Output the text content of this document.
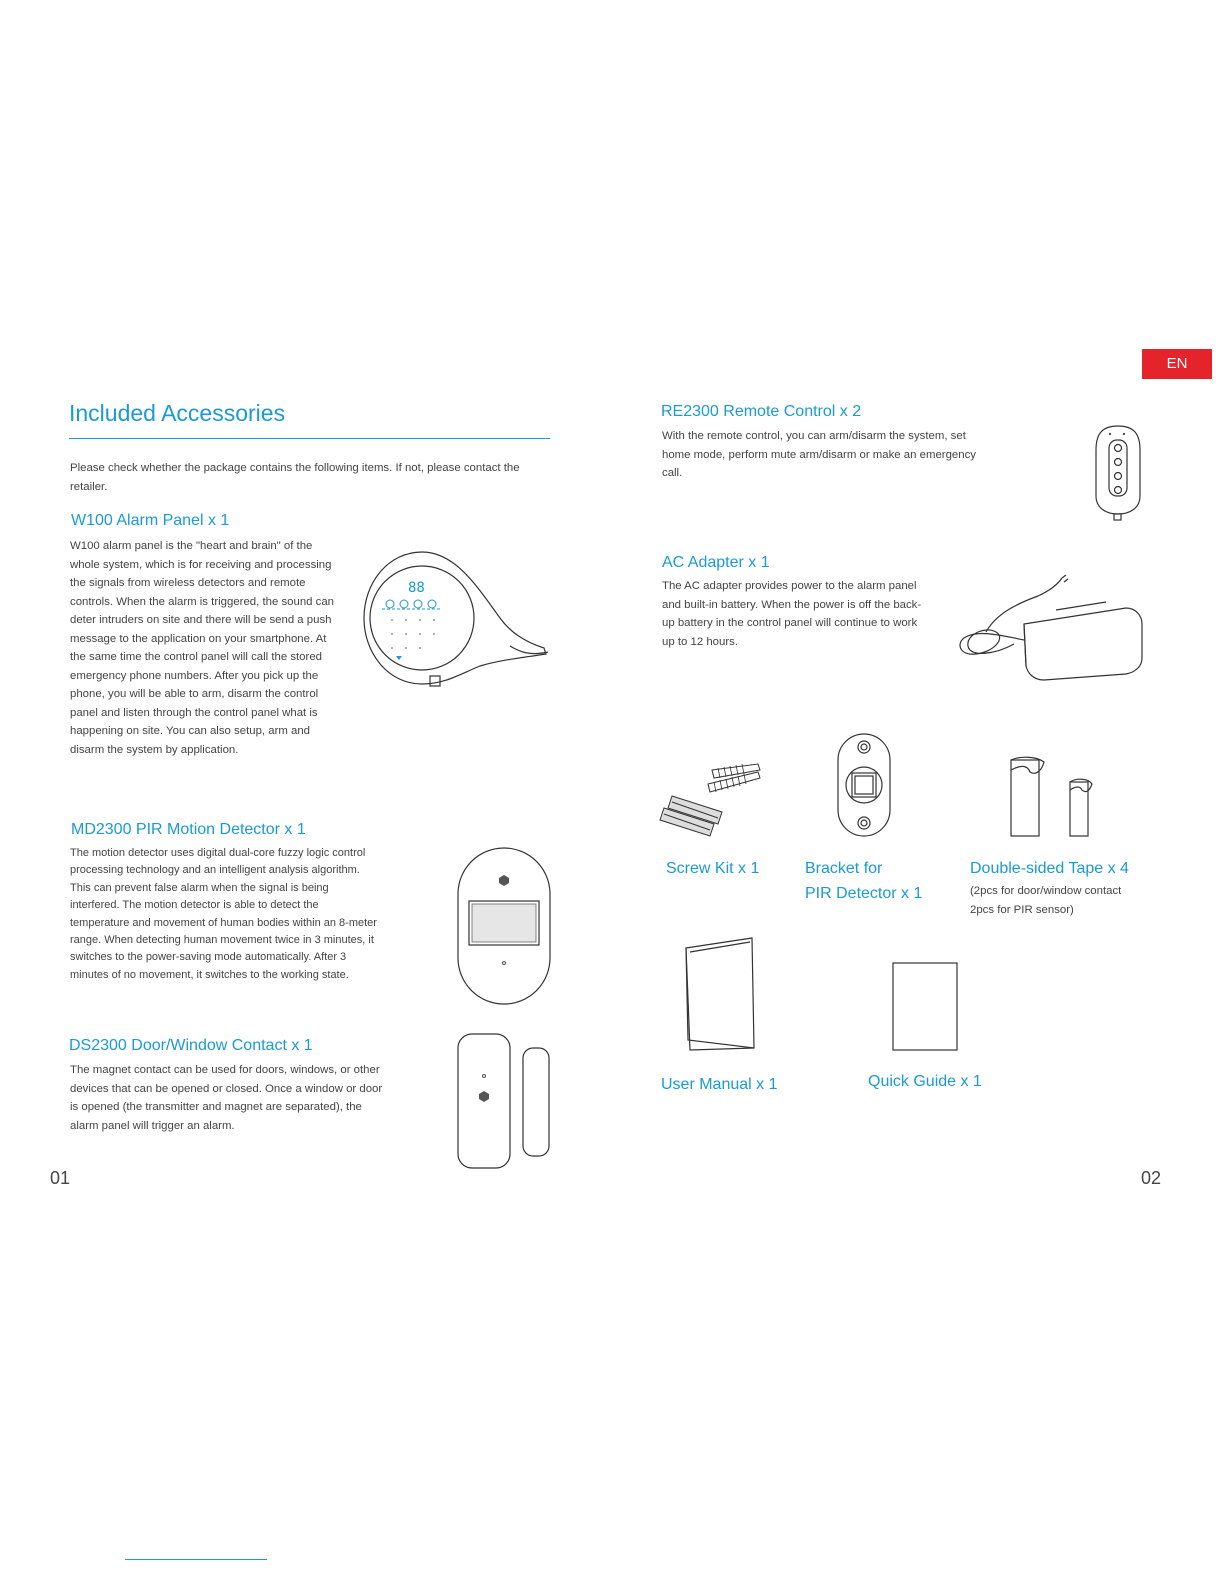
EN
Included Accessories
Please check whether the package contains the following items. If not, please contact the retailer.
W100 Alarm Panel x 1
W100 alarm panel is the "heart and brain" of the whole system, which is for receiving and processing the signals from wireless detectors and remote controls. When the alarm is triggered, the sound can deter intruders on site and there will be send a push message to the application on your smartphone. At the same time the control panel will call the stored emergency phone numbers. After you pick up the phone, you will be able to arm, disarm the control panel and listen through the control panel what is happening on site. You can also setup, arm and disarm the system by application.
88
MD2300 PIR Motion Detector x 1
The motion detector uses digital dual-core fuzzy logic control processing technology and an intelligent analysis algorithm. This can prevent false alarm when the signal is being interfered. The motion detector is able to detect the temperature and movement of human bodies within an 8-meter range. When detecting human movement twice in 3 minutes, it switches to the power-saving mode automatically. After 3 minutes of no movement, it switches to the working state.
DS2300 Door/Window Contact x 1
The magnet contact can be used for doors, windows, or other devices that can be opened or closed. Once a window or door is opened (the transmitter and magnet are separated), the alarm panel will trigger an alarm.
01
RE2300 Remote Control x 2
With the remote control, you can arm/disarm the system, set home mode, perform mute arm/disarm or make an emergency call.
AC Adapter x 1
The AC adapter provides power to the alarm panel and built-in battery. When the power is off the back-up battery in the control panel will continue to work up to 12 hours.
Screw Kit x 1	Bracket for
PIR Detector x 1
Double-sided Tape x 4
(2pcs for door/window contact
2pcs for PIR sensor)
User Manual x 1	Quick Guide x 1
02
